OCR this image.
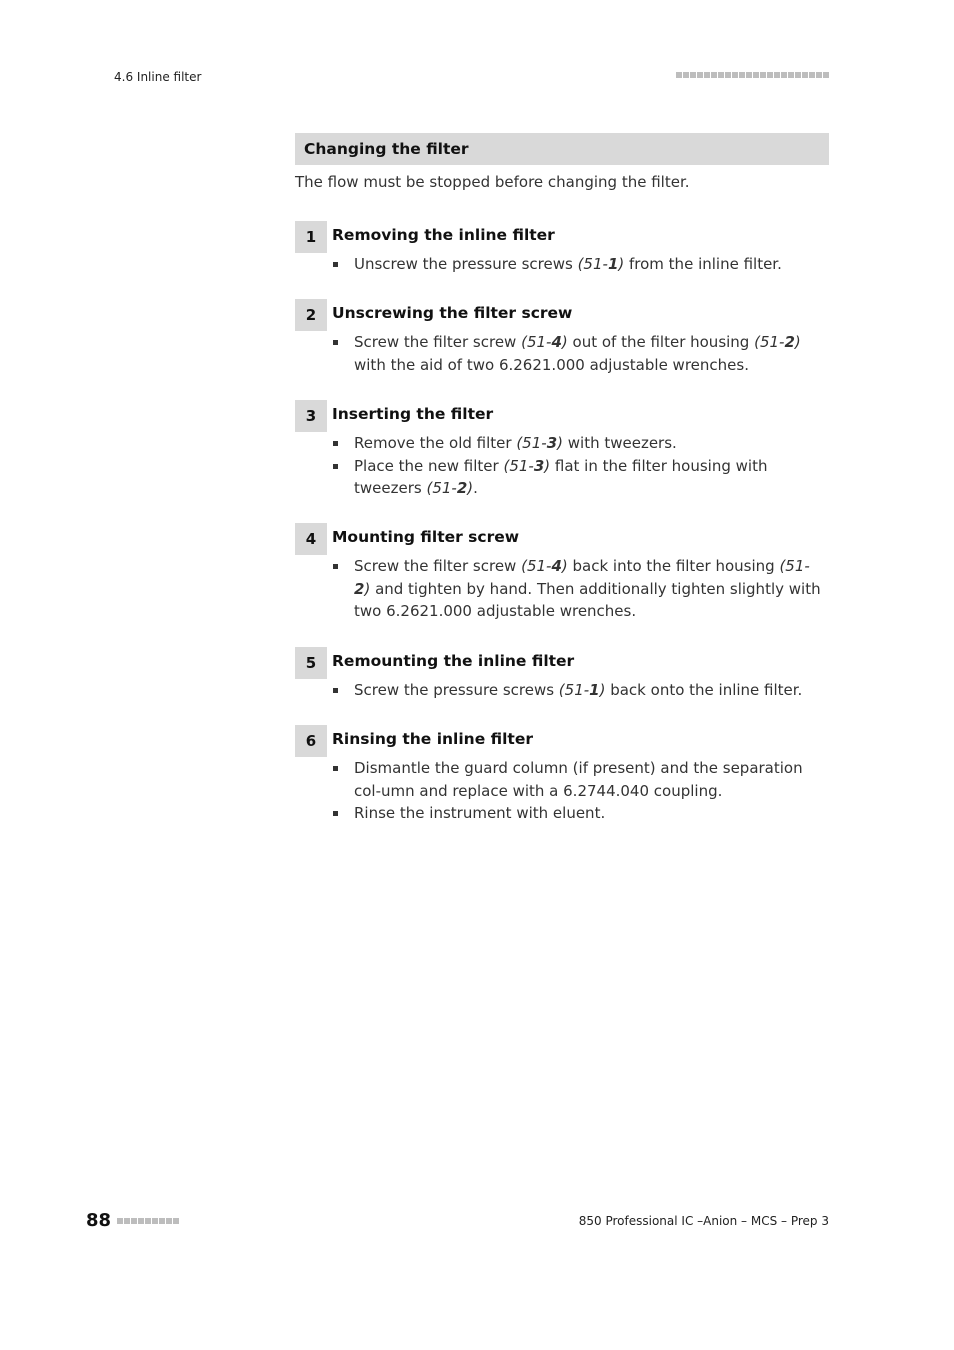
4.6 Inline filter
Changing the filter
The flow must be stopped before changing the filter.
1	Removing the inline filter
Unscrew the pressure screws (51-1) from the inline filter.
2	Unscrewing the filter screw
Screw the filter screw (51-4) out of the filter housing (51-2) with the aid of two 6.2621.000 adjustable wrenches.
3	Inserting the filter
Remove the old filter (51-3) with tweezers.
Place the new filter (51-3) flat in the filter housing with tweezers (51-2).
4	Mounting filter screw
Screw the filter screw (51-4) back into the filter housing (51-2) and tighten by hand. Then additionally tighten slightly with two 6.2621.000 adjustable wrenches.
5	Remounting the inline filter
Screw the pressure screws (51-1) back onto the inline filter.
6	Rinsing the inline filter
Dismantle the guard column (if present) and the separation col-umn and replace with a 6.2744.040 coupling.
Rinse the instrument with eluent.
88	850 Professional IC –Anion – MCS – Prep 3
